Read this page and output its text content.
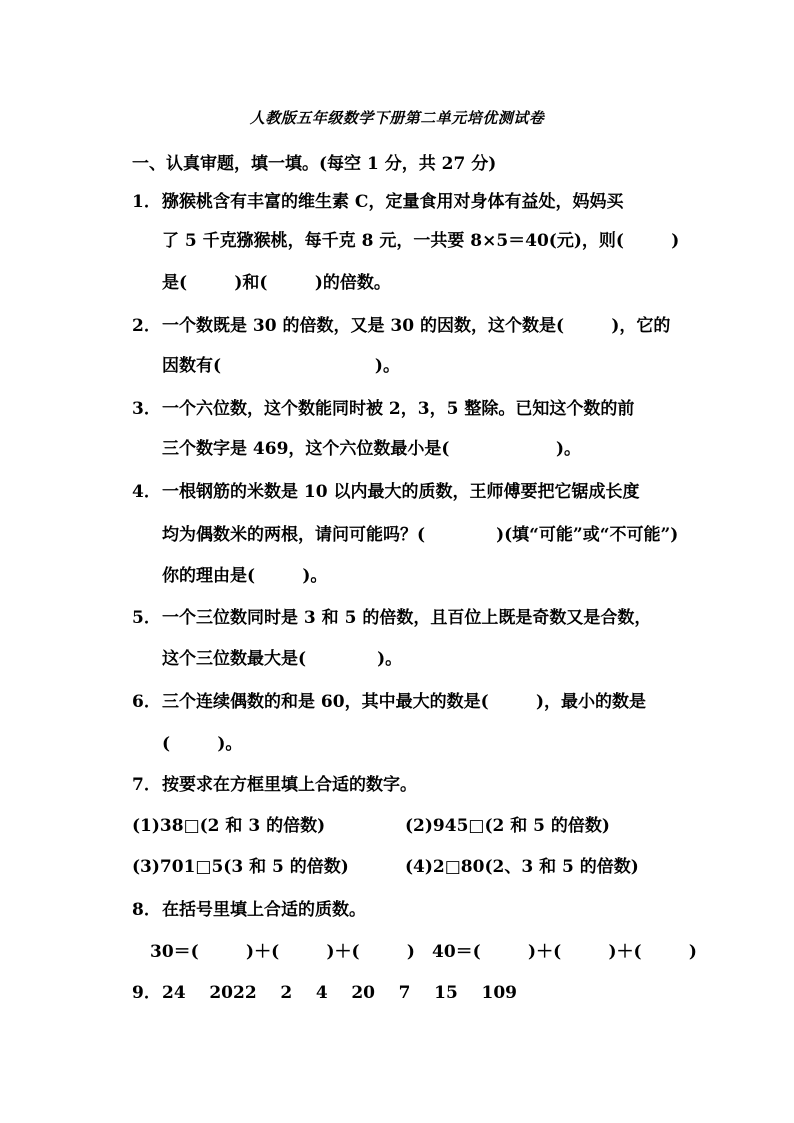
人教版五年级数学下册第二单元培优测试卷
一、认真审题，填一填。(每空 1 分，共 27 分)
1．猕猴桃含有丰富的维生素 C，定量食用对身体有益处，妈妈买
了 5 千克猕猴桃，每千克 8 元，一共要 8×5＝40(元)，则(        )
是(        )和(        )的倍数。
2．一个数既是 30 的倍数，又是 30 的因数，这个数是(        )，它的
因数有(                          )。
3．一个六位数，这个数能同时被 2，3，5 整除。已知这个数的前
三个数字是 469，这个六位数最小是(                  )。
4．一根钢筋的米数是 10 以内最大的质数，王师傅要把它锯成长度
均为偶数米的两根，请问可能吗？(            )(填“可能”或“不可能”)
你的理由是(        )。
5．一个三位数同时是 3 和 5 的倍数，且百位上既是奇数又是合数，
这个三位数最大是(            )。
6．三个连续偶数的和是 60，其中最大的数是(        )，最小的数是
(        )。
7．按要求在方框里填上合适的数字。
(1)38□(2 和 3 的倍数)	(2)945□(2 和 5 的倍数)
(3)701□5(3 和 5 的倍数)	(4)2□80(2、3 和 5 的倍数)
8．在括号里填上合适的质数。
30＝(        )＋(        )＋(        ) 40＝(        )＋(        )＋(        )
9．24    2022    2    4    20    7    15    109
